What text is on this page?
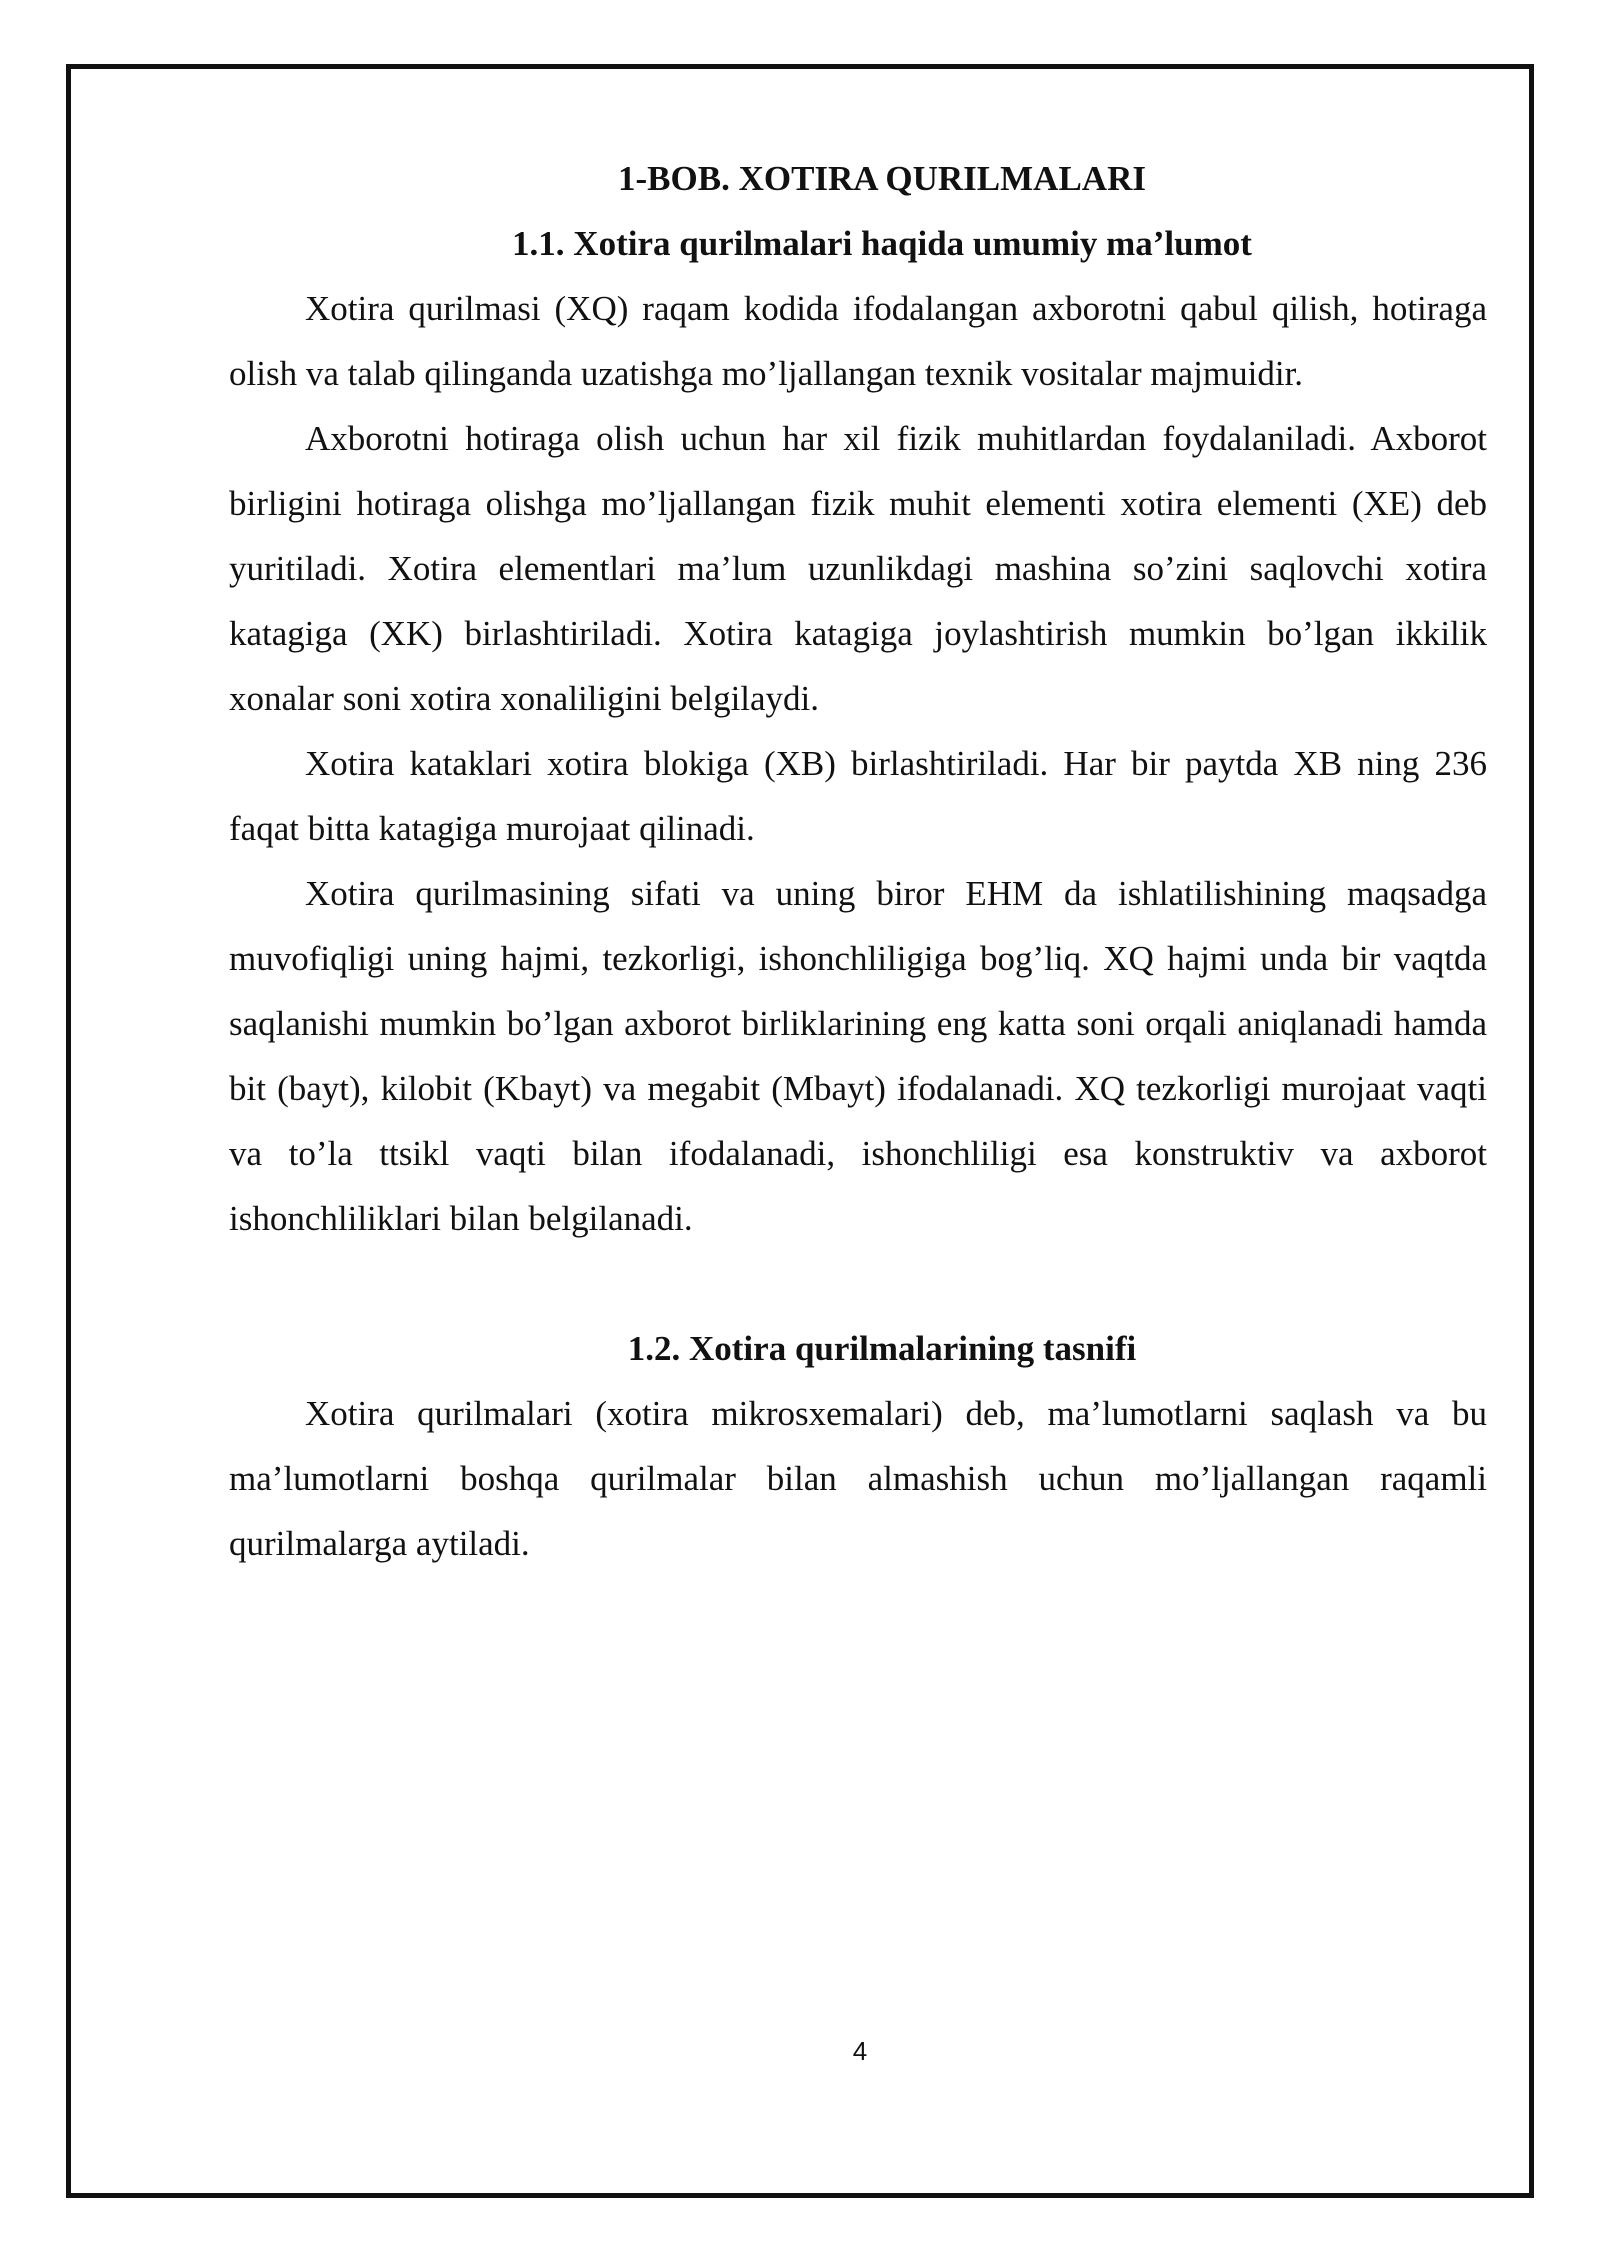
1-BOB. XOTIRA QURILMALARI
1.1. Xotira qurilmalari haqida umumiy ma’lumot

Xotira qurilmasi (XQ) raqam kodida ifodalangan axborotni qabul qilish, hotiraga olish va talab qilinganda uzatishga mo’ljallangan texnik vositalar majmuidir.

Axborotni hotiraga olish uchun har xil fizik muhitlardan foydalaniladi. Axborot birligini hotiraga olishga mo’ljallangan fizik muhit elementi xotira elementi (XE) deb yuritiladi. Xotira elementlari ma’lum uzunlikdagi mashina so’zini saqlovchi xotira katagiga (XK) birlashtiriladi. Xotira katagiga joylashtirish mumkin bo’lgan ikkilik xonalar soni xotira xonaliligini belgilaydi.

Xotira kataklari xotira blokiga (XB) birlashtiriladi. Har bir paytda XB ning 236 faqat bitta katagiga murojaat qilinadi.

Xotira qurilmasining sifati va uning biror EHM da ishlatilishining maqsadga muvofiqligi uning hajmi, tezkorligi, ishonchliligiga bog’liq. XQ hajmi unda bir vaqtda saqlanishi mumkin bo’lgan axborot birliklarining eng katta soni orqali aniqlanadi hamda bit (bayt), kilobit (Kbayt) va megabit (Mbayt) ifodalanadi. XQ tezkorligi murojaat vaqti va to’la ttsikl vaqti bilan ifodalanadi, ishonchliligi esa konstruktiv va axborot ishonchliliklari bilan belgilanadi.

1.2. Xotira qurilmalarining tasnifi

Xotira qurilmalari (xotira mikrosxemalari) deb, ma’lumotlarni saqlash va bu ma’lumotlarni boshqa qurilmalar bilan almashish uchun mo’ljallangan raqamli qurilmalarga aytiladi.

4
